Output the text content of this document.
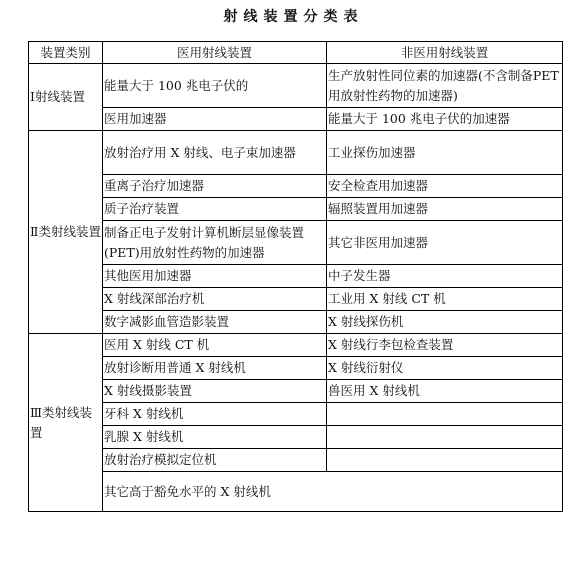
射线装置分类表
装置类别	医用射线装置	非医用射线装置
Ⅰ射线装置	能量大于 100 兆电子伏的	生产放射性同位素的加速器(不含制备PET 用放射性药物的加速器)
	医用加速器	能量大于 100 兆电子伏的加速器
Ⅱ类射线装置	放射治疗用 X 射线、电子束加速器	工业探伤加速器
	重离子治疗加速器	安全检查用加速器
	质子治疗装置	辐照装置用加速器
	制备正电子发射计算机断层显像装置(PET)用放射性药物的加速器	其它非医用加速器
	其他医用加速器	中子发生器
	X 射线深部治疗机	工业用 X 射线 CT 机
	数字减影血管造影装置	X 射线探伤机
Ⅲ类射线装置	医用 X 射线 CT 机	X 射线行李包检查装置
	放射诊断用普通 X 射线机	X 射线衍射仪
	X 射线摄影装置	兽医用 X 射线机
	牙科 X 射线机	
	乳腺 X 射线机	
	放射治疗模拟定位机	
	其它高于豁免水平的 X 射线机	
